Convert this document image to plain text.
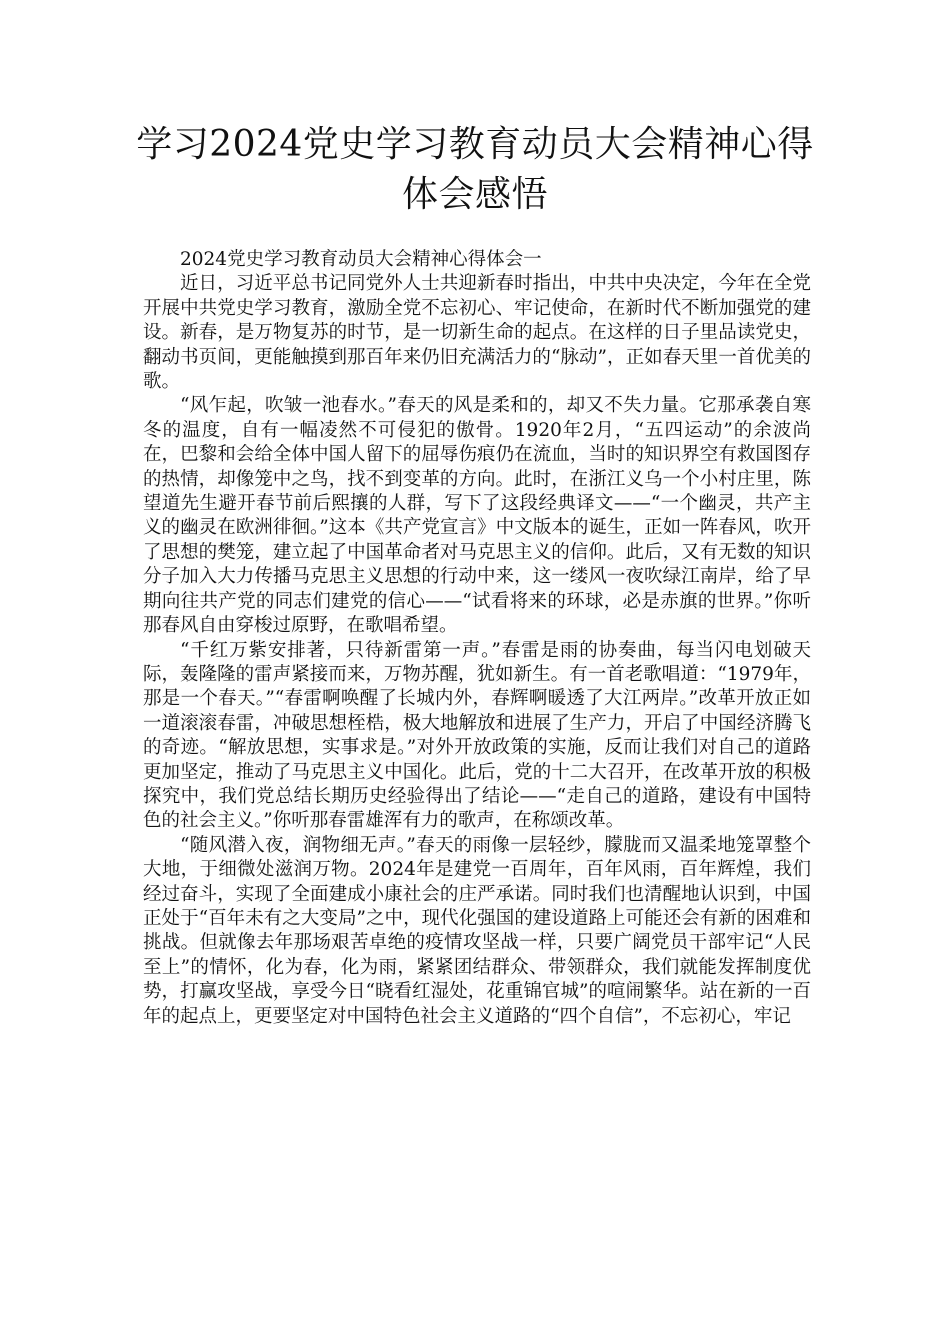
学习2024党史学习教育动员大会精神心得
体会感悟

2024党史学习教育动员大会精神心得体会一

近日，习近平总书记同党外人士共迎新春时指出，中共中央决定，今年在全党开展中共党史学习教育，激励全党不忘初心、牢记使命，在新时代不断加强党的建设。新春，是万物复苏的时节，是一切新生命的起点。在这样的日子里品读党史，翻动书页间，更能触摸到那百年来仍旧充满活力的“脉动”，正如春天里一首优美的歌。

“风乍起，吹皱一池春水。”春天的风是柔和的，却又不失力量。它那承袭自寒冬的温度，自有一幅凌然不可侵犯的傲骨。1920年2月，“五四运动”的余波尚在，巴黎和会给全体中国人留下的屈辱伤痕仍在流血，当时的知识界空有救国图存的热情，却像笼中之鸟，找不到变革的方向。此时，在浙江义乌一个小村庄里，陈望道先生避开春节前后熙攘的人群，写下了这段经典译文——“一个幽灵，共产主义的幽灵在欧洲徘徊。”这本《共产党宣言》中文版本的诞生，正如一阵春风，吹开了思想的樊笼，建立起了中国革命者对马克思主义的信仰。此后，又有无数的知识分子加入大力传播马克思主义思想的行动中来，这一缕风一夜吹绿江南岸，给了早期向往共产党的同志们建党的信心——“试看将来的环球，必是赤旗的世界。”你听那春风自由穿梭过原野，在歌唱希望。

“千红万紫安排著，只待新雷第一声。”春雷是雨的协奏曲，每当闪电划破天际，轰隆隆的雷声紧接而来，万物苏醒，犹如新生。有一首老歌唱道：“1979年，那是一个春天。”“春雷啊唤醒了长城内外，春辉啊暖透了大江两岸。”改革开放正如一道滚滚春雷，冲破思想桎梏，极大地解放和进展了生产力，开启了中国经济腾飞的奇迹。“解放思想，实事求是。”对外开放政策的实施，反而让我们对自己的道路更加坚定，推动了马克思主义中国化。此后，党的十二大召开，在改革开放的积极探究中，我们党总结长期历史经验得出了结论——“走自己的道路，建设有中国特色的社会主义。”你听那春雷雄浑有力的歌声，在称颂改革。

“随风潜入夜，润物细无声。”春天的雨像一层轻纱，朦胧而又温柔地笼罩整个大地，于细微处滋润万物。2024年是建党一百周年，百年风雨，百年辉煌，我们经过奋斗，实现了全面建成小康社会的庄严承诺。同时我们也清醒地认识到，中国正处于“百年未有之大变局”之中，现代化强国的建设道路上可能还会有新的困难和挑战。但就像去年那场艰苦卓绝的疫情攻坚战一样，只要广阔党员干部牢记“人民至上”的情怀，化为春，化为雨，紧紧团结群众、带领群众，我们就能发挥制度优势，打赢攻坚战，享受今日“晓看红湿处，花重锦官城”的喧闹繁华。站在新的一百年的起点上，更要坚定对中国特色社会主义道路的“四个自信”，不忘初心，牢记
